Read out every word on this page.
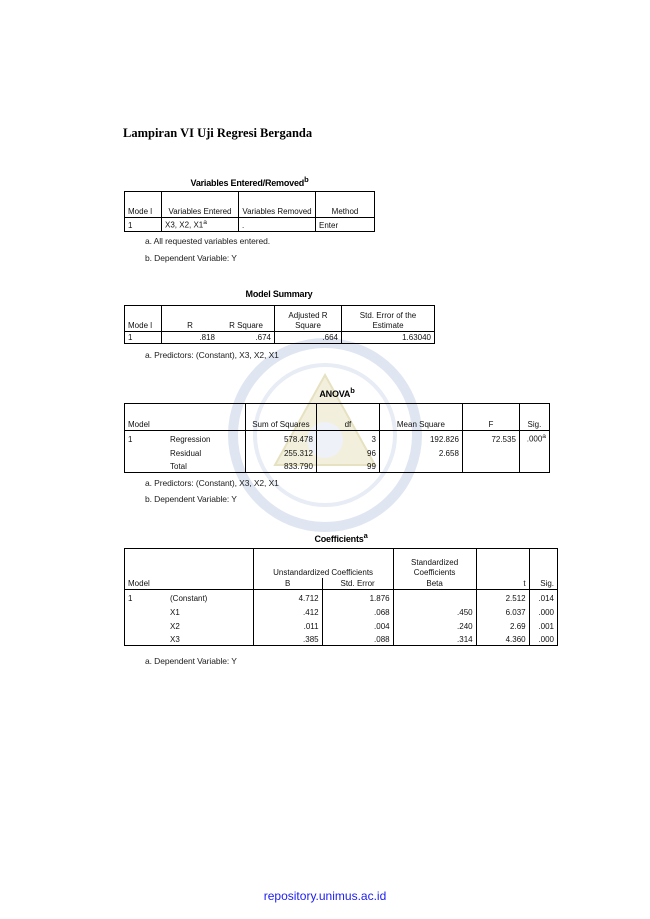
Lampiran VI Uji Regresi Berganda
Variables Entered/Removed$^b$
Mode l	Variables Entered	Variables Removed	Method
1	X3, X2, X1$^a$	.	Enter
a. All requested variables entered.
b. Dependent Variable: Y
Model Summary
Mode l	R	R Square	Adjusted R Square	Std. Error of the Estimate
1	.818	.674	.664	1.63040
a. Predictors: (Constant), X3, X2, X1
ANOVA$^b$
Model		Sum of Squares	df	Mean Square	F	Sig.
1	Regression	578.478	3	192.826	72.535	.000$^a$
	Residual	255.312	96	2.658		
	Total	833.790	99			
a. Predictors: (Constant), X3, X2, X1
b. Dependent Variable: Y
Coefficients$^a$
Model		Unstandardized Coefficients		Standardized Coefficients	t	Sig.
		B	Std. Error	Beta		
1	(Constant)	4.712	1.876		2.512	.014
	X1	.412	.068	.450	6.037	.000
	X2	.011	.004	.240	2.69	.001
	X3	.385	.088	.314	4.360	.000
a. Dependent Variable: Y
repository.unimus.ac.id
